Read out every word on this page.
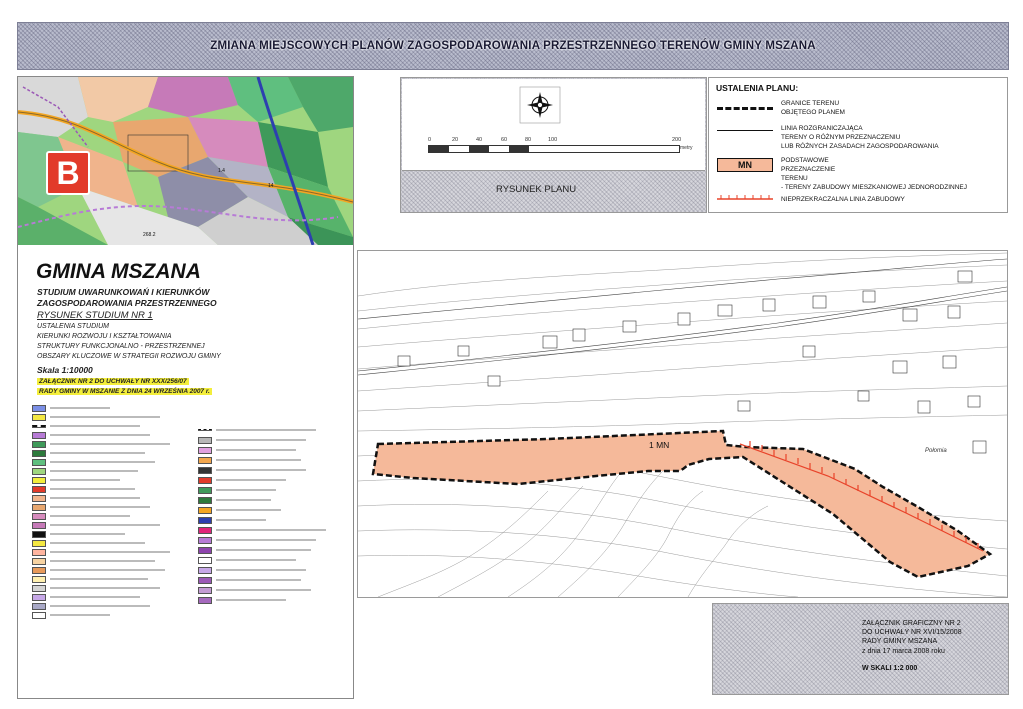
ZMIANA MIEJSCOWYCH PLANÓW ZAGOSPODAROWANIA PRZESTRZENNEGO TERENÓW GMINY MSZANA
B	1.4
14
268.2
GMINA MSZANA
STUDIUM UWARUNKOWAŃ I KIERUNKÓW
ZAGOSPODAROWANIA PRZESTRZENNEGO
RYSUNEK STUDIUM NR 1
USTALENIA STUDIUM
KIERUNKI ROZWOJU I KSZTAŁTOWANIA
STRUKTURY FUNKCJONALNO - PRZESTRZENNEJ
OBSZARY KLUCZOWE W STRATEGII ROZWOJU GMINY
Skala 1:10000
ZAŁĄCZNIK NR 2 DO UCHWAŁY NR XXX/256/07
RADY GMINY W MSZANIE Z DNIA 24 WRZEŚNIA 2007 r.
0	20	40	60	80	100	200
metry
RYSUNEK PLANU
USTALENIA PLANU:
GRANICE TERENU
OBJĘTEGO PLANEM
LINIA ROZGRANICZAJĄCA
TERENY O RÓŻNYM PRZEZNACZENIU
LUB RÓŻNYCH ZASADACH ZAGOSPODAROWANIA
MN	PODSTAWOWE
PRZEZNACZENIE
TERENU
- TERENY ZABUDOWY MIESZKANIOWEJ JEDNORODZINNEJ
NIEPRZEKRACZALNA LINIA ZABUDOWY
1 MN
Połomia
ZAŁĄCZNIK GRAFICZNY NR 2
DO UCHWAŁY NR XVI/15/2008
RADY GMINY MSZANA
z dnia 17 marca 2008 roku
W SKALI 1:2 000
